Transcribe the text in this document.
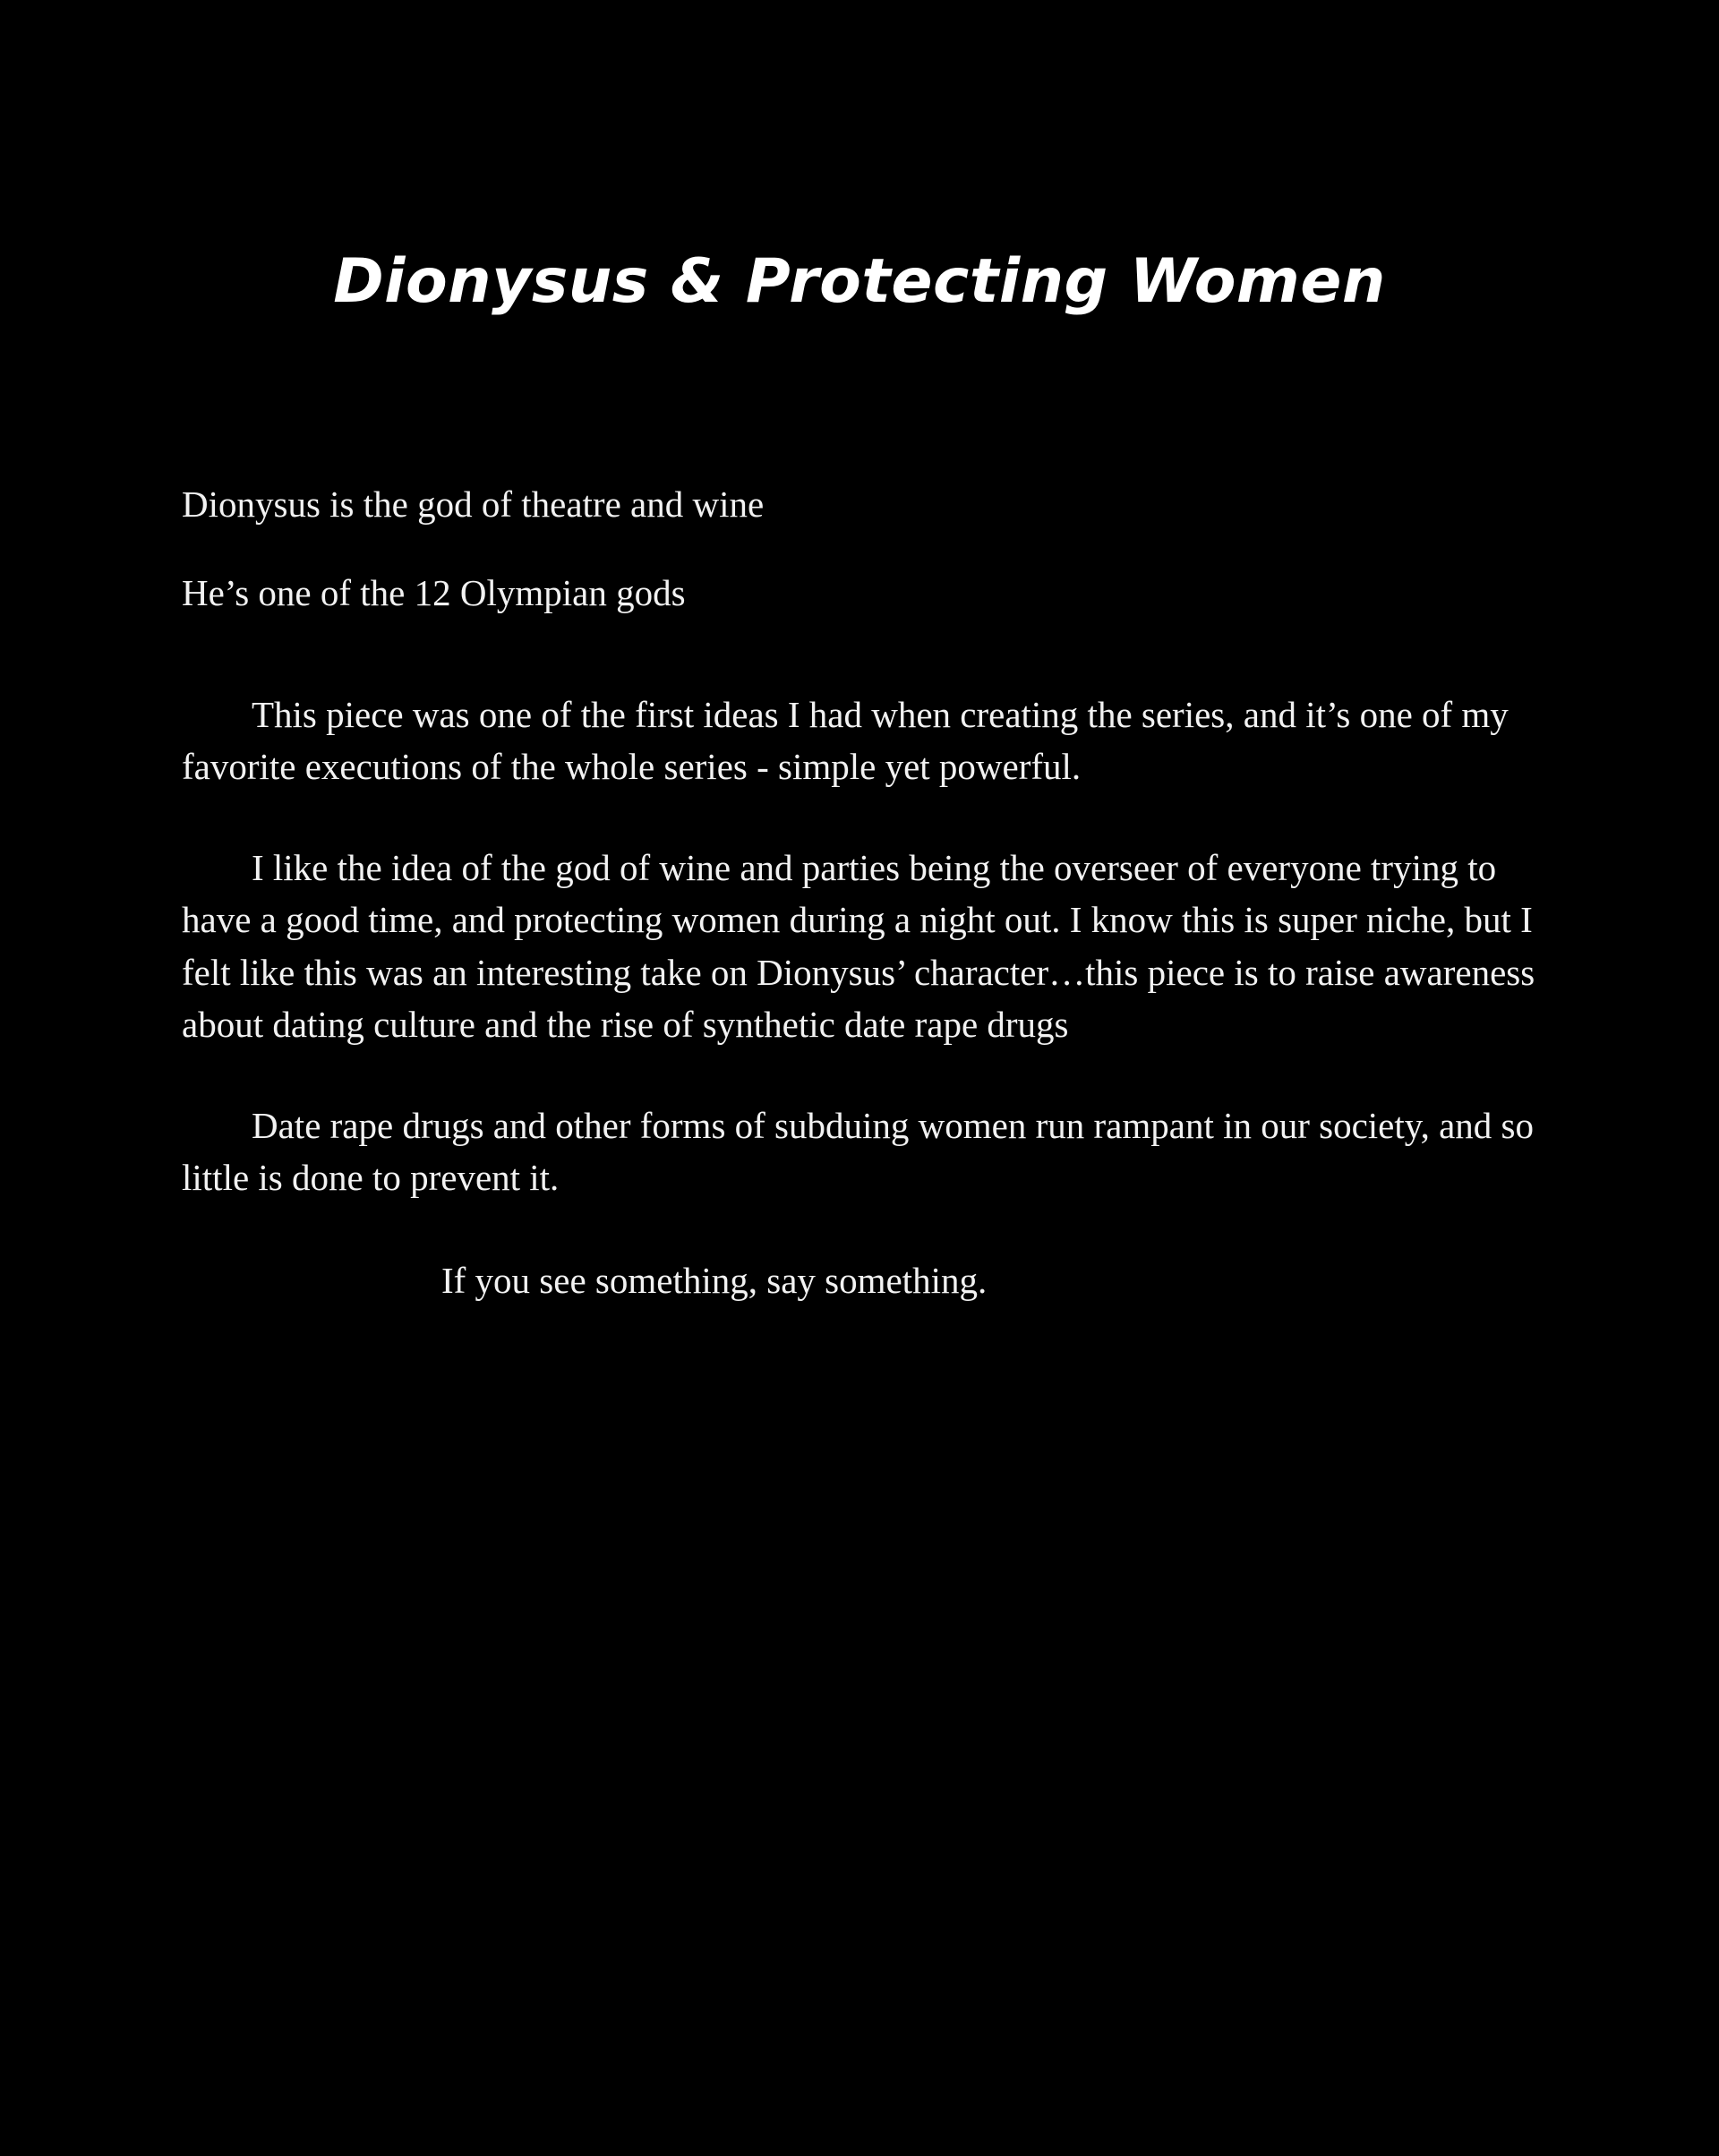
Dionysus & Protecting Women

Dionysus is the god of theatre and wine

He’s one of the 12 Olympian gods

This piece was one of the first ideas I had when creating the series, and it’s one of my favorite executions of the whole series - simple yet powerful.

I like the idea of the god of wine and parties being the overseer of everyone trying to have a good time, and protecting women during a night out. I know this is super niche, but I felt like this was an interesting take on Dionysus’ character…this piece is to raise awareness about dating culture and the rise of synthetic date rape drugs

Date rape drugs and other forms of subduing women run rampant in our society, and so little is done to prevent it.

If you see something, say something.
